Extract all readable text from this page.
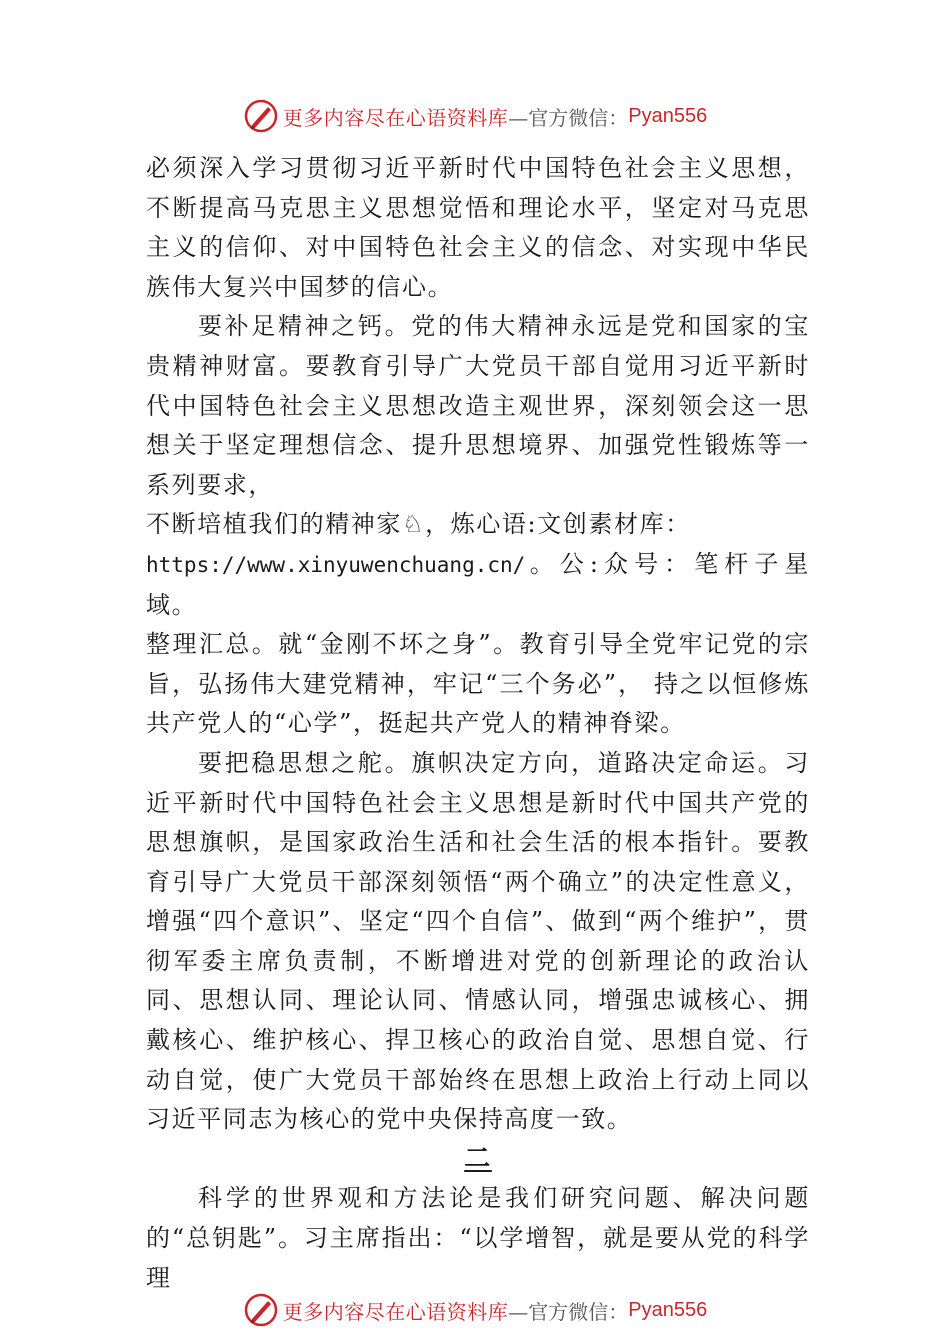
更多内容尽在心语资料库 —官方微信： Pyan556

必须深入学习贯彻习近平新时代中国特色社会主义思想，不断提高马克思主义思想觉悟和理论水平，坚定对马克思主义的信仰、对中国特色社会主义的信念、对实现中华民族伟大复兴中国梦的信心。

要补足精神之钙。党的伟大精神永远是党和国家的宝贵精神财富。要教育引导广大党员干部自觉用习近平新时代中国特色社会主义思想改造主观世界，深刻领会这一思想关于坚定理想信念、提升思想境界、加强党性锻炼等一系列要求，

不断培植我们的精神家♘，炼心语:文创素材库：

https://www.xinyuwenchuang.cn/。公:众号：笔杆子星域。

整理汇总。就“金刚不坏之身”。教育引导全党牢记党的宗旨，弘扬伟大建党精神，牢记“三个务必”， 持之以恒修炼共产党人的“心学”，挺起共产党人的精神脊梁。

要把稳思想之舵。旗帜决定方向，道路决定命运。习近平新时代中国特色社会主义思想是新时代中国共产党的思想旗帜，是国家政治生活和社会生活的根本指针。要教育引导广大党员干部深刻领悟“两个确立”的决定性意义，增强“四个意识”、坚定“四个自信”、做到“两个维护”，贯彻军委主席负责制，不断增进对党的创新理论的政治认同、思想认同、理论认同、情感认同，增强忠诚核心、拥戴核心、维护核心、捍卫核心的政治自觉、思想自觉、行动自觉，使广大党员干部始终在思想上政治上行动上同以习近平同志为核心的党中央保持高度一致。

二

科学的世界观和方法论是我们研究问题、解决问题的“总钥匙”。习主席指出：“以学增智，就是要从党的科学理

更多内容尽在心语资料库 —官方微信： Pyan556
